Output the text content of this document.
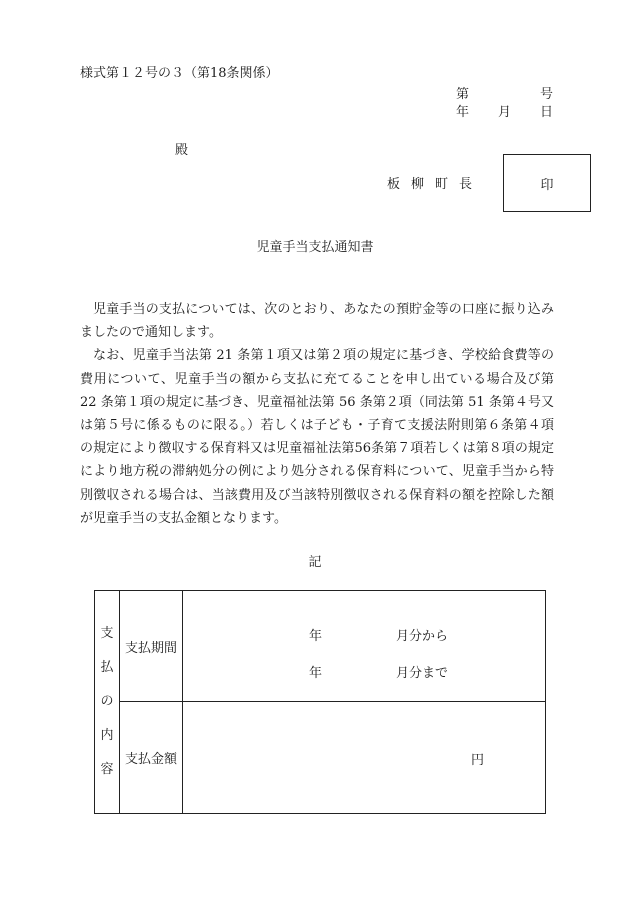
様式第１２号の３（第18条関係）
第	号
年 月 日
殿
板柳町長	印
児童手当支払通知書

児童手当の支払については、次のとおり、あなたの預貯金等の口座に振り込みましたので通知します。

なお、児童手当法第 21 条第１項又は第２項の規定に基づき、学校給食費等の費用について、児童手当の額から支払に充てることを申し出ている場合及び第 22 条第１項の規定に基づき、児童福祉法第 56 条第２項（同法第 51 条第４号又は第５号に係るものに限る。）若しくは子ども・子育て支援法附則第６条第４項の規定により徴収する保育料又は児童福祉法第56条第７項若しくは第８項の規定により地方税の滞納処分の例により処分される保育料について、児童手当から特別徴収される場合は、当該費用及び当該特別徴収される保育料の額を控除した額が児童手当の支払金額となります。

記
支
払
の
内
容	支払期間	年 月分から
年 月分まで

	支払金額	円
